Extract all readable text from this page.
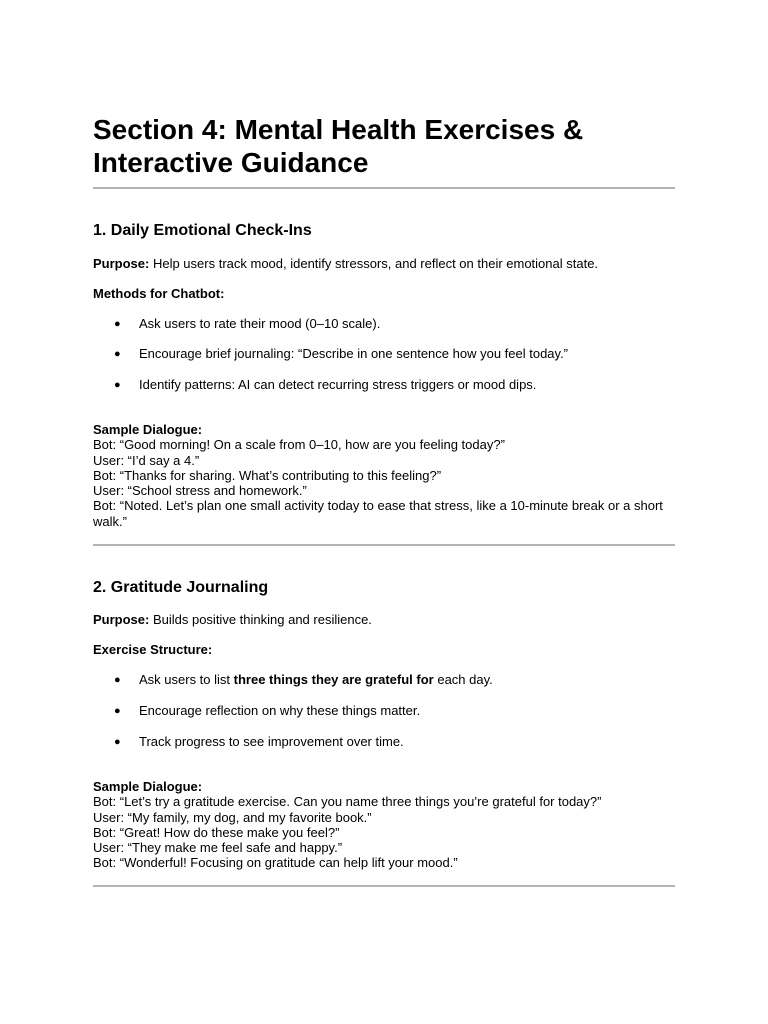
Section 4: Mental Health Exercises & Interactive Guidance
1. Daily Emotional Check-Ins

Purpose: Help users track mood, identify stressors, and reflect on their emotional state.

Methods for Chatbot:

● Ask users to rate their mood (0–10 scale).
● Encourage brief journaling: “Describe in one sentence how you feel today.”
● Identify patterns: AI can detect recurring stress triggers or mood dips.
Sample Dialogue:
Bot: “Good morning! On a scale from 0–10, how are you feeling today?”
User: “I’d say a 4.”
Bot: “Thanks for sharing. What’s contributing to this feeling?”
User: “School stress and homework.”
Bot: “Noted. Let’s plan one small activity today to ease that stress, like a 10-minute break or a short walk.”
2. Gratitude Journaling

Purpose: Builds positive thinking and resilience.

Exercise Structure:

● Ask users to list three things they are grateful for each day.
● Encourage reflection on why these things matter.
● Track progress to see improvement over time.
Sample Dialogue:
Bot: “Let’s try a gratitude exercise. Can you name three things you’re grateful for today?”
User: “My family, my dog, and my favorite book.”
Bot: “Great! How do these make you feel?”
User: “They make me feel safe and happy.”
Bot: “Wonderful! Focusing on gratitude can help lift your mood.”
